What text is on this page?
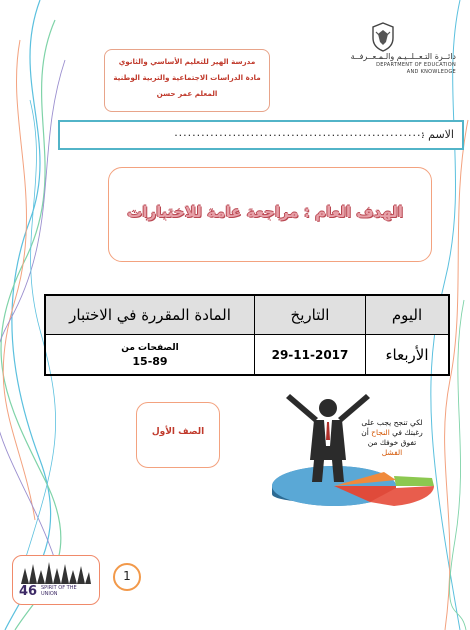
دائــرة التـعــلــيـم والـمـعــرفــة
DEPARTMENT OF EDUCATION
AND KNOWLEDGE
مدرسة الهير للتعليم الأساسي والثانوي
مادة الدراسات الاجتماعية والتربية الوطنية
المعلم عمر حسن
الاسم :
........................................................
الهدف العام : مراجعة عامة للاختبارات
اليوم	التاريخ	المادة المقررة في الاختبار
الأربعاء	29-11-2017	الصفحات من
15-89
الصف الأول
لكي تنجح يجب على
رغبتك في النجاح أن
تفوق خوفك من
الفشل
46 SPIRIT OF THE UNION
1
